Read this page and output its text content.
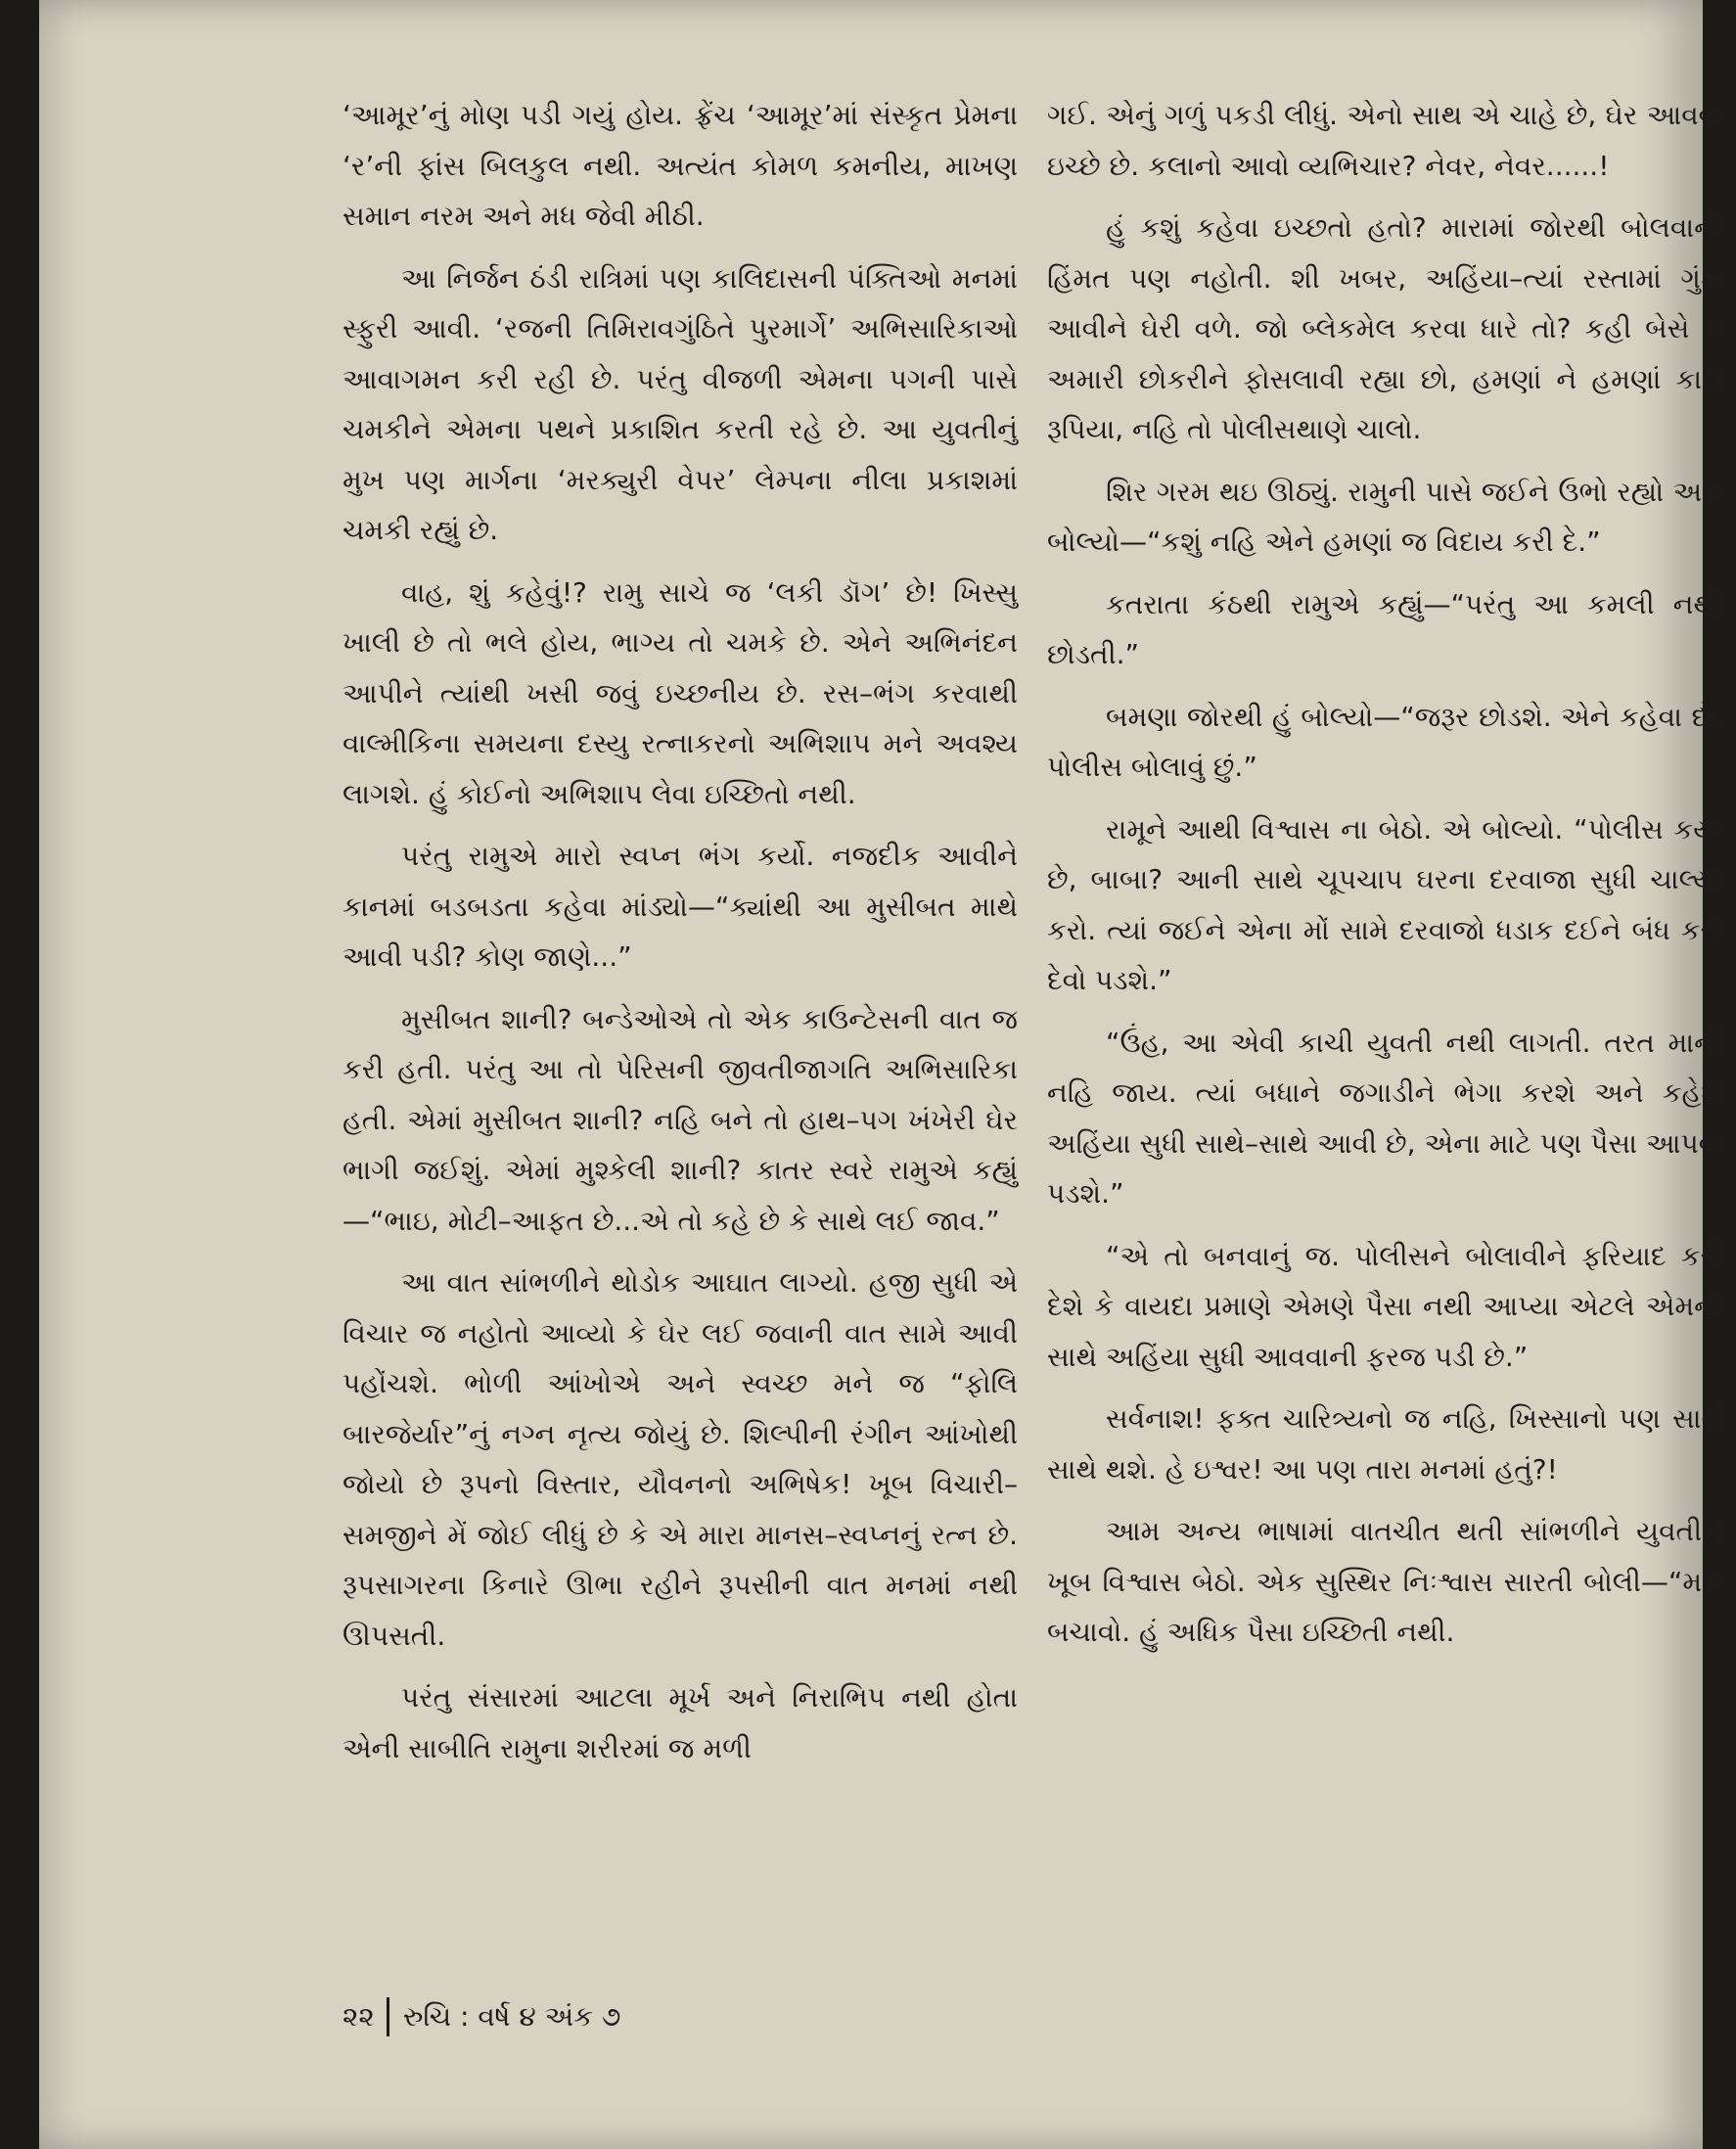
‘આમૂર’નું મોણ પડી ગયું હોય. ફ્રેંચ ‘આમૂર’માં સંસ્કૃત પ્રેમના ‘ર’ની ફાંસ બિલકુલ નથી. અત્યંત કોમળ કમનીય, માખણ સમાન નરમ અને મધ જેવી મીઠી.

આ નિર્જન ઠંડી રાત્રિમાં પણ કાલિદાસની પંક્તિઓ મનમાં સ્ફુરી આવી. ‘રજની તિમિરાવગુંઠિતે પુરમાર્ગે’ અભિસારિકાઓ આવાગમન કરી રહી છે. પરંતુ વીજળી એમના પગની પાસે ચમકીને એમના પથને પ્રકાશિત કરતી રહે છે. આ યુવતીનું મુખ પણ માર્ગના ‘મરક્યુરી વેપર’ લેમ્પના નીલા પ્રકાશમાં ચમકી રહ્યું છે.

વાહ, શું કહેવું!? રામુ સાચે જ ‘લકી ડૉગ’ છે! ખિસ્સુ ખાલી છે તો ભલે હોય, ભાગ્ય તો ચમકે છે. એને અભિનંદન આપીને ત્યાંથી ખસી જવું ઇચ્છનીય છે. રસ–ભંગ કરવાથી વાલ્મીકિના સમયના દસ્યુ રત્નાકરનો અભિશાપ મને અવશ્ય લાગશે. હું કોઈનો અભિશાપ લેવા ઇચ્છિતો નથી.

પરંતુ રામુએ મારો સ્વપ્ન ભંગ કર્યો. નજદીક આવીને કાનમાં બડબડતા કહેવા માંડ્યો—“ક્યાંથી આ મુસીબત માથે આવી પડી? કોણ જાણે...”

મુસીબત શાની? બન્ડેઓએ તો એક કાઉન્ટેસની વાત જ કરી હતી. પરંતુ આ તો પેરિસની જીવતીજાગતિ અભિસારિકા હતી. એમાં મુસીબત શાની? નહિ બને તો હાથ–પગ ખંખેરી ઘેર ભાગી જઈશું. એમાં મુશ્કેલી શાની? કાતર સ્વરે રામુએ કહ્યું—“ભાઇ, મોટી–આફત છે...એ તો કહે છે કે સાથે લઈ જાવ.”

આ વાત સાંભળીને થોડોક આઘાત લાગ્યો. હજી સુધી એ વિચાર જ નહોતો આવ્યો કે ઘેર લઈ જવાની વાત સામે આવી પહોંચશે. ભોળી આંખોએ અને સ્વચ્છ મને જ “ફોલિ બારજેર્યાર”નું નગ્ન નૃત્ય જોયું છે. શિલ્પીની રંગીન આંખોથી જોયો છે રૂપનો વિસ્તાર, યૌવનનો અભિષેક! ખૂબ વિચારી–સમજીને મેં જોઈ લીધું છે કે એ મારા માનસ–સ્વપ્નનું રત્ન છે. રૂપસાગરના કિનારે ઊભા રહીને રૂપસીની વાત મનમાં નથી ઊપસતી.

પરંતુ સંસારમાં આટલા મૂર્ખ અને નિરાભિપ નથી હોતા એની સાબીતિ રામુના શરીરમાં જ મળી

ગઈ. એનું ગળું પકડી લીધું. એનો સાથ એ ચાહે છે, ઘેર આવવા ઇચ્છે છે. કલાનો આવો વ્યભિચાર? નેવર, નેવર......!

હું કશું કહેવા ઇચ્છતો હતો? મારામાં જોરથી બોલવાની હિંમત પણ નહોતી. શી ખબર, અહિંયા–ત્યાં રસ્તામાં ગુંડા આવીને ઘેરી વળે. જો બ્લેકમેલ કરવા ધારે તો? કહી બેસે કે અમારી છોકરીને ફોસલાવી રહ્યા છો, હમણાં ને હમણાં કાઢો રૂપિયા, નહિ તો પોલીસથાણે ચાલો.

શિર ગરમ થઇ ઊઠ્યું. રામુની પાસે જઈને ઉભો રહ્યો અને બોલ્યો—“કશું નહિ એને હમણાં જ વિદાય કરી દે.”

કતરાતા કંઠથી રામુએ કહ્યું—“પરંતુ આ કમલી નથી છોડતી.”

બમણા જોરથી હું બોલ્યો—“જરૂર છોડશે. એને કહેવા દો, પોલીસ બોલાવું છું.”

રામૂને આથી વિશ્વાસ ના બેઠો. એ બોલ્યો. “પોલીસ કયાં છે, બાબા? આની સાથે ચૂપચાપ ઘરના દરવાજા સુધી ચાલ્યા કરો. ત્યાં જઈને એના મોં સામે દરવાજો ધડાક દઈને બંધ કરી દેવો પડશે.”

“ઉંહ, આ એવી કાચી યુવતી નથી લાગતી. તરત માની નહિ જાય. ત્યાં બધાને જગાડીને ભેગા કરશે અને કહેશે અહિંયા સુધી સાથે–સાથે આવી છે, એના માટે પણ પૈસા આપવા પડશે.”

“એ તો બનવાનું જ. પોલીસને બોલાવીને ફરિયાદ કરી દેશે કે વાયદા પ્રમાણે એમણે પૈસા નથી આપ્યા એટલે એમની સાથે અહિંયા સુધી આવવાની ફરજ પડી છે.”

સર્વનાશ! ફક્ત ચારિત્ર્યનો જ નહિ, ખિસ્સાનો પણ સાથે સાથે થશે. હે ઇશ્વર! આ પણ તારા મનમાં હતું?!

આમ અન્ય ભાષામાં વાતચીત થતી સાંભળીને યુવતીને ખૂબ વિશ્વાસ બેઠો. એક સુસ્થિર નિઃશ્વાસ સારતી બોલી—“મને બચાવો. હું અધિક પૈસા ઇચ્છિતી નથી.

૨૨	રુચિ : વર્ષ ૪ અંક ૭
